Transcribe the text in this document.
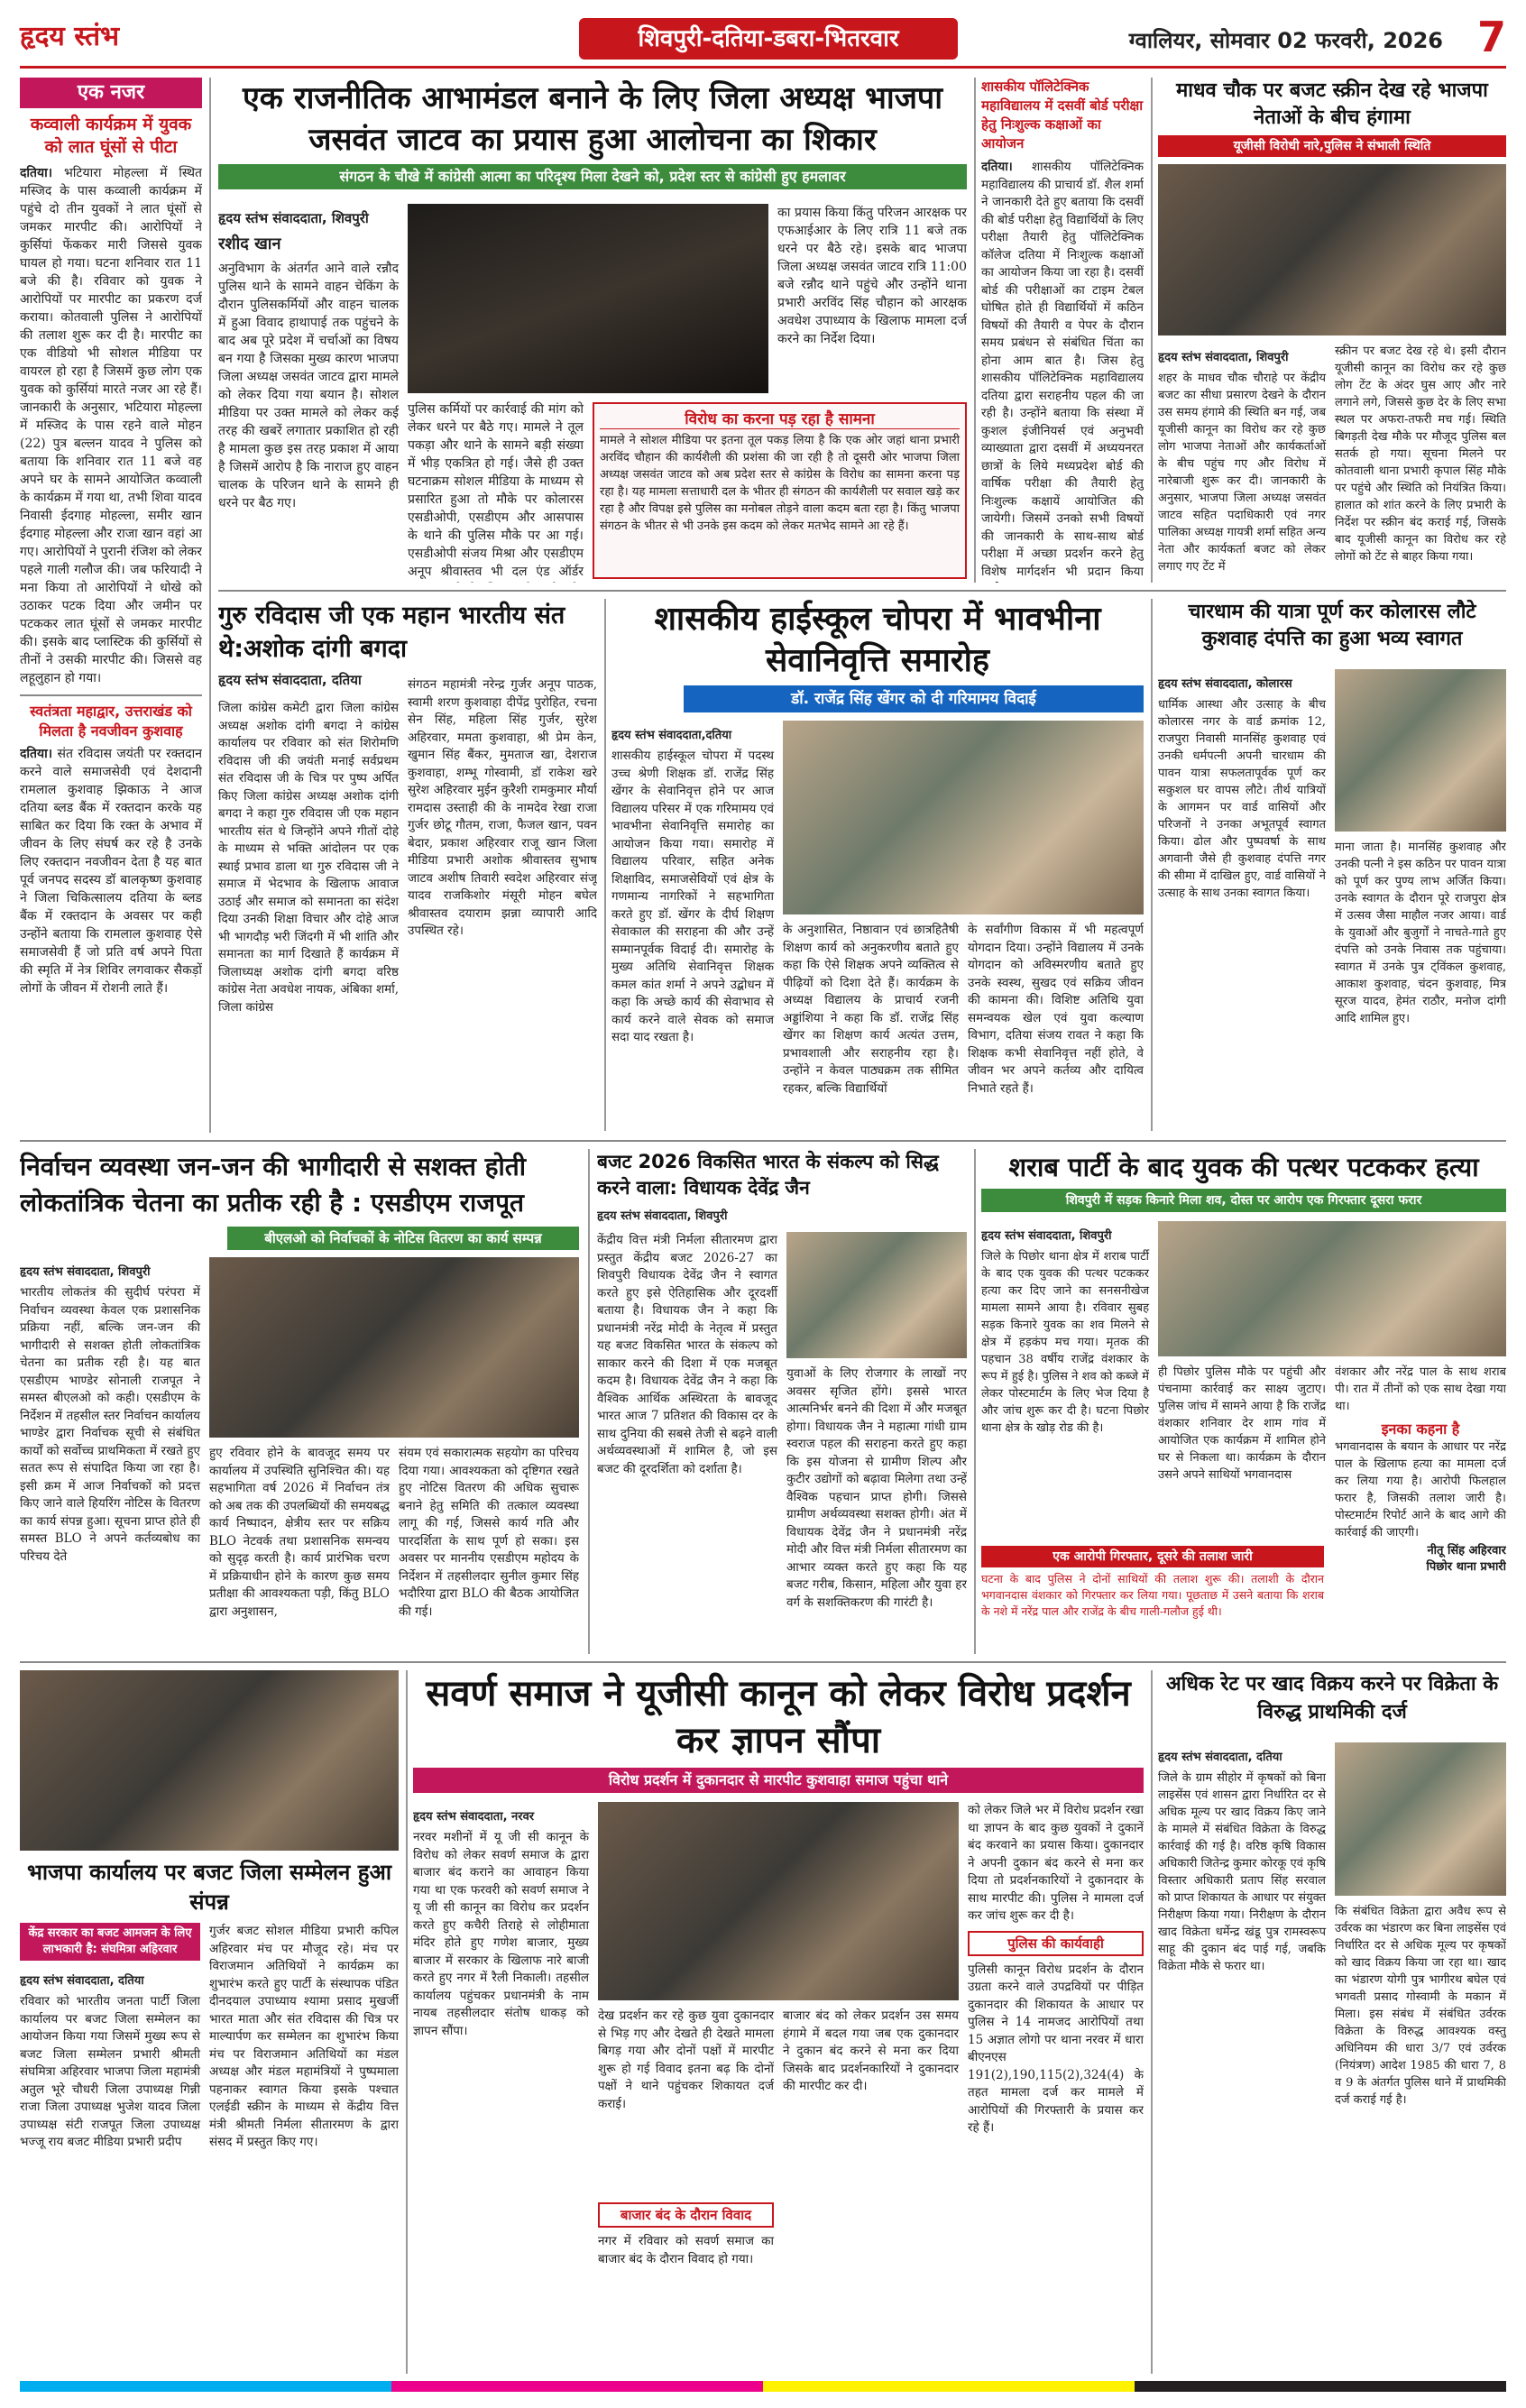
हृदय स्तंभ	शिवपुरी-दतिया-डबरा-भितरवार	ग्वालियर, सोमवार 02 फरवरी, 2026 7
एक नजर
कव्वाली कार्यक्रम में युवक को लात घूंसों से पीटा
दतिया। भटियारा मोहल्ला में स्थित मस्जिद के पास कव्वाली कार्यक्रम में पहुंचे दो तीन युवकों ने लात घूंसों से जमकर मारपीट की। आरोपियों ने कुर्सियां फेंककर मारी जिससे युवक घायल हो गया। घटना शनिवार रात 11 बजे की है। रविवार को युवक ने आरोपियों पर मारपीट का प्रकरण दर्ज कराया। कोतवाली पुलिस ने आरोपियों की तलाश शुरू कर दी है। मारपीट का एक वीडियो भी सोशल मीडिया पर वायरल हो रहा है जिसमें कुछ लोग एक युवक को कुर्सियां मारते नजर आ रहे हैं। जानकारी के अनुसार, भटियारा मोहल्ला में मस्जिद के पास रहने वाले मोहन (22) पुत्र बल्लन यादव ने पुलिस को बताया कि शनिवार रात 11 बजे वह अपने घर के सामने आयोजित कव्वाली के कार्यक्रम में गया था, तभी शिवा यादव निवासी ईदगाह मोहल्ला, समीर खान ईदगाह मोहल्ला और राजा खान वहां आ गए। आरोपियों ने पुरानी रंजिश को लेकर पहले गाली गलौज की। जब फरियादी ने मना किया तो आरोपियों ने धोखे को उठाकर पटक दिया और जमीन पर पटककर लात घूंसों से जमकर मारपीट की। इसके बाद प्लास्टिक की कुर्सियों से तीनों ने उसकी मारपीट की। जिससे वह लहूलुहान हो गया।
स्वतंत्रता महाद्वार, उत्तराखंड को मिलता है नवजीवन कुशवाह
दतिया। संत रविदास जयंती पर रक्तदान करने वाले समाजसेवी एवं देशदानी रामलाल कुशवाह झिकाऊ ने आज दतिया ब्लड बैंक में रक्तदान करके यह साबित कर दिया कि रक्त के अभाव में जीवन के लिए संघर्ष कर रहे है उनके लिए रक्तदान नवजीवन देता है यह बात पूर्व जनपद सदस्य डॉ बालकृष्ण कुशवाह ने जिला चिकित्सालय दतिया के ब्लड बैंक में रक्तदान के अवसर पर कही उन्होंने बताया कि रामलाल कुशवाह ऐसे समाजसेवी हैं जो प्रति वर्ष अपने पिता की स्मृति में नेत्र शिविर लगवाकर सैकड़ों लोगों के जीवन में रोशनी लाते हैं।
एक राजनीतिक आभामंडल बनाने के लिए जिला अध्यक्ष भाजपा जसवंत जाटव का प्रयास हुआ आलोचना का शिकार
संगठन के चौखे में कांग्रेसी आत्मा का परिदृश्य मिला देखने को, प्रदेश स्तर से कांग्रेसी हुए हमलावर
हृदय स्तंभ संवाददाता, शिवपुरी
रशीद खान
अनुविभाग के अंतर्गत आने वाले रन्नौद पुलिस थाने के सामने वाहन चेकिंग के दौरान पुलिसकर्मियों और वाहन चालक में हुआ विवाद हाथापाई तक पहुंचने के बाद अब पूरे प्रदेश में चर्चाओं का विषय बन गया है जिसका मुख्य कारण भाजपा जिला अध्यक्ष जसवंत जाटव द्वारा मामले को लेकर दिया गया बयान है। सोशल मीडिया पर उक्त मामले को लेकर कई तरह की खबरें लगातार प्रकाशित हो रही है मामला कुछ इस तरह प्रकाश में आया है जिसमें आरोप है कि नाराज हुए वाहन चालक के परिजन थाने के सामने ही धरने पर बैठ गए।
पुलिस कर्मियों पर कार्रवाई की मांग को लेकर धरने पर बैठे गए। मामले ने तूल पकड़ा और थाने के सामने बड़ी संख्या में भीड़ एकत्रित हो गई। जैसे ही उक्त घटनाक्रम सोशल मीडिया के माध्यम से प्रसारित हुआ तो मौके पर कोलारस एसडीओपी, एसडीएम और आसपास के थाने की पुलिस मौके पर आ गई। एसडीओपी संजय मिश्रा और एसडीएम अनूप श्रीवास्तव भी दल एंड ऑर्डर
का प्रयास किया किंतु परिजन आरक्षक पर एफआईआर के लिए रात्रि 11 बजे तक धरने पर बैठे रहे। इसके बाद भाजपा जिला अध्यक्ष जसवंत जाटव रात्रि 11:00 बजे रन्नौद थाने पहुंचे और उन्होंने थाना प्रभारी अरविंद सिंह चौहान को आरक्षक अवधेश उपाध्याय के खिलाफ मामला दर्ज करने का निर्देश दिया।
विरोध का करना पड़ रहा है सामना
मामले ने सोशल मीडिया पर इतना तूल पकड़ लिया है कि एक ओर जहां थाना प्रभारी अरविंद चौहान की कार्यशैली की प्रशंसा की जा रही है तो दूसरी ओर भाजपा जिला अध्यक्ष जसवंत जाटव को अब प्रदेश स्तर से कांग्रेस के विरोध का सामना करना पड़ रहा है। यह मामला सत्ताधारी दल के भीतर ही संगठन की कार्यशैली पर सवाल खड़े कर रहा है और विपक्ष इसे पुलिस का मनोबल तोड़ने वाला कदम बता रहा है। किंतु भाजपा संगठन के भीतर से भी उनके इस कदम को लेकर मतभेद सामने आ रहे हैं।
शासकीय पॉलिटेक्निक महाविद्यालय में दसवीं बोर्ड परीक्षा हेतु निःशुल्क कक्षाओं का आयोजन
दतिया। शासकीय पॉलिटेक्निक महाविद्यालय की प्राचार्य डॉ. शैल शर्मा ने जानकारी देते हुए बताया कि दसवीं की बोर्ड परीक्षा हेतु विद्यार्थियों के लिए परीक्षा तैयारी हेतु पॉलिटेक्निक कॉलेज दतिया में निःशुल्क कक्षाओं का आयोजन किया जा रहा है। दसवीं बोर्ड की परीक्षाओं का टाइम टेबल घोषित होते ही विद्यार्थियों में कठिन विषयों की तैयारी व पेपर के दौरान समय प्रबंधन से संबंधित चिंता का होना आम बात है। जिस हेतु शासकीय पॉलिटेक्निक महाविद्यालय दतिया द्वारा सराहनीय पहल की जा रही है। उन्होंने बताया कि संस्था में कुशल इंजीनियर्स एवं अनुभवी व्याख्याता द्वारा दसवीं में अध्ययनरत छात्रों के लिये मध्यप्रदेश बोर्ड की वार्षिक परीक्षा की तैयारी हेतु निःशुल्क कक्षायें आयोजित की जायेगी। जिसमें उनको सभी विषयों की जानकारी के साथ-साथ बोर्ड परीक्षा में अच्छा प्रदर्शन करने हेतु विशेष मार्गदर्शन भी प्रदान किया
माधव चौक पर बजट स्क्रीन देख रहे भाजपा नेताओं के बीच हंगामा
यूजीसी विरोधी नारे,पुलिस ने संभाली स्थिति
हृदय स्तंभ संवाददाता, शिवपुरी
शहर के माधव चौक चौराहे पर केंद्रीय बजट का सीधा प्रसारण देखने के दौरान उस समय हंगामे की स्थिति बन गई, जब यूजीसी कानून का विरोध कर रहे कुछ लोग भाजपा नेताओं और कार्यकर्ताओं के बीच पहुंच गए और विरोध में नारेबाजी शुरू कर दी। जानकारी के अनुसार, भाजपा जिला अध्यक्ष जसवंत जाटव सहित पदाधिकारी एवं नगर पालिका अध्यक्ष गायत्री शर्मा सहित अन्य नेता और कार्यकर्ता बजट को लेकर लगाए गए टेंट में
स्क्रीन पर बजट देख रहे थे। इसी दौरान यूजीसी कानून का विरोध कर रहे कुछ लोग टेंट के अंदर घुस आए और नारे लगाने लगे, जिससे कुछ देर के लिए सभा स्थल पर अफरा-तफरी मच गई। स्थिति बिगड़ती देख मौके पर मौजूद पुलिस बल सतर्क हो गया। सूचना मिलने पर कोतवाली थाना प्रभारी कृपाल सिंह मौके पर पहुंचे और स्थिति को नियंत्रित किया। हालात को शांत करने के लिए प्रभारी के निर्देश पर स्क्रीन बंद कराई गई, जिसके बाद यूजीसी कानून का विरोध कर रहे लोगों को टेंट से बाहर किया गया।
गुरु रविदास जी एक महान भारतीय संत थे:अशोक दांगी बगदा
हृदय स्तंभ संवाददाता, दतिया
जिला कांग्रेस कमेटी द्वारा जिला कांग्रेस अध्यक्ष अशोक दांगी बगदा ने कांग्रेस कार्यालय पर रविवार को संत शिरोमणि रविदास जी की जयंती मनाई सर्वप्रथम संत रविदास जी के चित्र पर पुष्प अर्पित किए जिला कांग्रेस अध्यक्ष अशोक दांगी बगदा ने कहा गुरु रविदास जी एक महान भारतीय संत थे जिन्होंने अपने गीतों दोहे के माध्यम से भक्ति आंदोलन पर एक स्थाई प्रभाव डाला था गुरु रविदास जी ने समाज में भेदभाव के खिलाफ आवाज उठाई और समाज को समानता का संदेश दिया उनकी शिक्षा विचार और दोहे आज भी भागदौड़ भरी जिंदगी में भी शांति और समानता का मार्ग दिखाते हैं कार्यक्रम में जिलाध्यक्ष अशोक दांगी बगदा वरिष्ठ कांग्रेस नेता अवधेश नायक, अंबिका शर्मा, जिला कांग्रेस
संगठन महामंत्री नरेन्द्र गुर्जर अनूप पाठक, स्वामी शरण कुशवाहा दीपेंद्र पुरोहित, रचना सेन सिंह, महिला सिंह गुर्जर, सुरेश अहिरवार, ममता कुशवाहा, श्री प्रेम केन, खुमान सिंह बैंकर, मुमताज खा, देशराज कुशवाहा, शम्भू गोस्वामी, डॉ राकेश खरे सुरेश अहिरवार मुईन कुरैशी रामकुमार मौर्या रामदास उस्ताही की के नामदेव रेखा राजा गुर्जर छोटू गौतम, राजा, फैजल खान, पवन बेदार, प्रकाश अहिरवार राजू खान जिला मीडिया प्रभारी अशोक श्रीवास्तव सुभाष जाटव अशीष तिवारी स्वदेश अहिरवार संजू यादव राजकिशोर मंसूरी मोहन बघेल श्रीवास्तव दयाराम झन्ना व्यापारी आदि उपस्थित रहे।
शासकीय हाईस्कूल चोपरा में भावभीना सेवानिवृत्ति समारोह
डॉ. राजेंद्र सिंह खेंगर को दी गरिमामय विदाई
हृदय स्तंभ संवाददाता,दतिया
शासकीय हाईस्कूल चोपरा में पदस्थ उच्च श्रेणी शिक्षक डॉ. राजेंद्र सिंह खेंगर के सेवानिवृत्त होने पर आज विद्यालय परिसर में एक गरिमामय एवं भावभीना सेवानिवृत्ति समारोह का आयोजन किया गया। समारोह में विद्यालय परिवार, सहित अनेक शिक्षाविद, समाजसेवियों एवं क्षेत्र के गणमान्य नागरिकों ने सहभागिता करते हुए डॉ. खेंगर के दीर्घ शिक्षण सेवाकाल की सराहना की और उन्हें सम्मानपूर्वक विदाई दी। समारोह के मुख्य अतिथि सेवानिवृत्त शिक्षक कमल कांत शर्मा ने अपने उद्बोधन में कहा कि अच्छे कार्य की सेवाभाव से कार्य करने वाले सेवक को समाज सदा याद रखता है।
के अनुशासित, निष्ठावान एवं छात्रहितैषी शिक्षण कार्य को अनुकरणीय बताते हुए कहा कि ऐसे शिक्षक अपने व्यक्तित्व से पीढ़ियों को दिशा देते हैं। कार्यक्रम के अध्यक्ष विद्यालय के प्राचार्य रजनी अड्डांशिया ने कहा कि डॉ. राजेंद्र सिंह खेंगर का शिक्षण कार्य अत्यंत उत्तम, प्रभावशाली और सराहनीय रहा है। उन्होंने न केवल पाठ्यक्रम तक सीमित रहकर, बल्कि विद्यार्थियों
के सर्वांगीण विकास में भी महत्वपूर्ण योगदान दिया। उन्होंने विद्यालय में उनके योगदान को अविस्मरणीय बताते हुए उनके स्वस्थ, सुखद एवं सक्रिय जीवन की कामना की। विशिष्ट अतिथि युवा समन्वयक खेल एवं युवा कल्याण विभाग, दतिया संजय रावत ने कहा कि शिक्षक कभी सेवानिवृत्त नहीं होते, वे जीवन भर अपने कर्तव्य और दायित्व निभाते रहते हैं।
चारधाम की यात्रा पूर्ण कर कोलारस लौटे कुशवाह दंपत्ति का हुआ भव्य स्वागत
हृदय स्तंभ संवाददाता, कोलारस
धार्मिक आस्था और उत्साह के बीच कोलारस नगर के वार्ड क्रमांक 12, राजपुरा निवासी मानसिंह कुशवाह एवं उनकी धर्मपत्नी अपनी चारधाम की पावन यात्रा सफलतापूर्वक पूर्ण कर सकुशल घर वापस लौटे। तीर्थ यात्रियों के आगमन पर वार्ड वासियों और परिजनों ने उनका अभूतपूर्व स्वागत किया। ढोल और पुष्पवर्षा के साथ अगवानी जैसे ही कुशवाह दंपत्ति नगर की सीमा में दाखिल हुए, वार्ड वासियों ने उत्साह के साथ उनका स्वागत किया।
माना जाता है। मानसिंह कुशवाह और उनकी पत्नी ने इस कठिन पर पावन यात्रा को पूर्ण कर पुण्य लाभ अर्जित किया। उनके स्वागत के दौरान पूरे राजपुरा क्षेत्र में उत्सव जैसा माहौल नजर आया। वार्ड के युवाओं और बुजुर्गों ने नाचते-गाते हुए दंपत्ति को उनके निवास तक पहुंचाया। स्वागत में उनके पुत्र ट्विंकल कुशवाह, आकाश कुशवाह, चंदन कुशवाह, मित्र सूरज यादव, हेमंत राठौर, मनोज दांगी आदि शामिल हुए।
निर्वाचन व्यवस्था जन-जन की भागीदारी से सशक्त होती लोकतांत्रिक चेतना का प्रतीक रही है : एसडीएम राजपूत
बीएलओ को निर्वाचकों के नोटिस वितरण का कार्य सम्पन्न
हृदय स्तंभ संवाददाता, शिवपुरी
भारतीय लोकतंत्र की सुदीर्घ परंपरा में निर्वाचन व्यवस्था केवल एक प्रशासनिक प्रक्रिया नहीं, बल्कि जन-जन की भागीदारी से सशक्त होती लोकतांत्रिक चेतना का प्रतीक रही है। यह बात एसडीएम भाण्डेर सोनाली राजपूत ने समस्त बीएलओ को कही। एसडीएम के निर्देशन में तहसील स्तर निर्वाचन कार्यालय भाण्डेर द्वारा निर्वाचक सूची से संबंधित कार्यों को सर्वोच्च प्राथमिकता में रखते हुए सतत रूप से संपादित किया जा रहा है। इसी क्रम में आज निर्वाचकों को प्रदत्त किए जाने वाले हियरिंग नोटिस के वितरण का कार्य संपन्न हुआ। सूचना प्राप्त होते ही समस्त BLO ने अपने कर्तव्यबोध का परिचय देते
हुए रविवार होने के बावजूद समय पर कार्यालय में उपस्थिति सुनिश्चित की। यह सहभागिता वर्ष 2026 में निर्वाचन तंत्र को अब तक की उपलब्धियों की समयबद्ध कार्य निष्पादन, क्षेत्रीय स्तर पर सक्रिय BLO नेटवर्क तथा प्रशासनिक समन्वय को सुदृढ़ करती है। कार्य प्रारंभिक चरण में प्रक्रियाधीन होने के कारण कुछ समय प्रतीक्षा की आवश्यकता पड़ी, किंतु BLO द्वारा अनुशासन,
संयम एवं सकारात्मक सहयोग का परिचय दिया गया। आवश्यकता को दृष्टिगत रखते हुए नोटिस वितरण की अधिक सुचारू बनाने हेतु समिति की तत्काल व्यवस्था लागू की गई, जिससे कार्य गति और पारदर्शिता के साथ पूर्ण हो सका। इस अवसर पर माननीय एसडीएम महोदय के निर्देशन में तहसीलदार सुनील कुमार सिंह भदौरिया द्वारा BLO की बैठक आयोजित की गई।
बजट 2026 विकसित भारत के संकल्प को सिद्ध करने वाला: विधायक देवेंद्र जैन
हृदय स्तंभ संवाददाता, शिवपुरी
केंद्रीय वित्त मंत्री निर्मला सीतारमण द्वारा प्रस्तुत केंद्रीय बजट 2026-27 का शिवपुरी विधायक देवेंद्र जैन ने स्वागत करते हुए इसे ऐतिहासिक और दूरदर्शी बताया है। विधायक जैन ने कहा कि प्रधानमंत्री नरेंद्र मोदी के नेतृत्व में प्रस्तुत यह बजट विकसित भारत के संकल्प को साकार करने की दिशा में एक मजबूत कदम है। विधायक देवेंद्र जैन ने कहा कि वैश्विक आर्थिक अस्थिरता के बावजूद भारत आज 7 प्रतिशत की विकास दर के साथ दुनिया की सबसे तेजी से बढ़ने वाली अर्थव्यवस्थाओं में शामिल है, जो इस बजट की दूरदर्शिता को दर्शाता है।
युवाओं के लिए रोजगार के लाखों नए अवसर सृजित होंगे। इससे भारत आत्मनिर्भर बनने की दिशा में और मजबूत होगा। विधायक जैन ने महात्मा गांधी ग्राम स्वराज पहल की सराहना करते हुए कहा कि इस योजना से ग्रामीण शिल्प और कुटीर उद्योगों को बढ़ावा मिलेगा तथा उन्हें वैश्विक पहचान प्राप्त होगी। जिससे ग्रामीण अर्थव्यवस्था सशक्त होगी। अंत में विधायक देवेंद्र जैन ने प्रधानमंत्री नरेंद्र मोदी और वित्त मंत्री निर्मला सीतारमण का आभार व्यक्त करते हुए कहा कि यह बजट गरीब, किसान, महिला और युवा हर वर्ग के सशक्तिकरण की गारंटी है।
शराब पार्टी के बाद युवक की पत्थर पटककर हत्या
शिवपुरी में सड़क किनारे मिला शव, दोस्त पर आरोप एक गिरफ्तार दूसरा फरार
हृदय स्तंभ संवाददाता, शिवपुरी
जिले के पिछोर थाना क्षेत्र में शराब पार्टी के बाद एक युवक की पत्थर पटककर हत्या कर दिए जाने का सनसनीखेज मामला सामने आया है। रविवार सुबह सड़क किनारे युवक का शव मिलने से क्षेत्र में हड़कंप मच गया। मृतक की पहचान 38 वर्षीय राजेंद्र वंशकार के रूप में हुई है। पुलिस ने शव को कब्जे में लेकर पोस्टमार्टम के लिए भेज दिया है और जांच शुरू कर दी है। घटना पिछोर थाना क्षेत्र के खोड़ रोड की है।
ही पिछोर पुलिस मौके पर पहुंची और पंचनामा कार्रवाई कर साक्ष्य जुटाए। पुलिस जांच में सामने आया है कि राजेंद्र वंशकार शनिवार देर शाम गांव में आयोजित एक कार्यक्रम में शामिल होने घर से निकला था। कार्यक्रम के दौरान उसने अपने साथियों भगवानदास
वंशकार और नरेंद्र पाल के साथ शराब पी। रात में तीनों को एक साथ देखा गया था।
इनका कहना है
भगवानदास के बयान के आधार पर नरेंद्र पाल के खिलाफ हत्या का मामला दर्ज कर लिया गया है। आरोपी फिलहाल फरार है, जिसकी तलाश जारी है। पोस्टमार्टम रिपोर्ट आने के बाद आगे की कार्रवाई की जाएगी।
नीतू सिंह अहिरवार
पिछोर थाना प्रभारी
एक आरोपी गिरफ्तार, दूसरे की तलाश जारी
घटना के बाद पुलिस ने दोनों साथियों की तलाश शुरू की। तलाशी के दौरान भगवानदास वंशकार को गिरफ्तार कर लिया गया। पूछताछ में उसने बताया कि शराब के नशे में नरेंद्र पाल और राजेंद्र के बीच गाली-गलौज हुई थी।
भाजपा कार्यालय पर बजट जिला सम्मेलन हुआ संपन्न
केंद्र सरकार का बजट आमजन के लिए लाभकारी है: संघमित्रा अहिरवार
हृदय स्तंभ संवाददाता, दतिया
रविवार को भारतीय जनता पार्टी जिला कार्यालय पर बजट जिला सम्मेलन का आयोजन किया गया जिसमें मुख्य रूप से बजट जिला सम्मेलन प्रभारी श्रीमती संघमित्रा अहिरवार भाजपा जिला महामंत्री अतुल भूरे चौधरी जिला उपाध्यक्ष गिन्नी राजा जिला उपाध्यक्ष भुजेश यादव जिला उपाध्यक्ष संटी राजपूत जिला उपाध्यक्ष भज्जू राय बजट मीडिया प्रभारी प्रदीप
गुर्जर बजट सोशल मीडिया प्रभारी कपिल अहिरवार मंच पर मौजूद रहे। मंच पर विराजमान अतिथियों ने कार्यक्रम का शुभारंभ करते हुए पार्टी के संस्थापक पंडित दीनदयाल उपाध्याय श्यामा प्रसाद मुखर्जी भारत माता और संत रविदास की चित्र पर माल्यार्पण कर सम्मेलन का शुभारंभ किया मंच पर विराजमान अतिथियों का मंडल अध्यक्ष और मंडल महामंत्रियों ने पुष्पमाला पहनाकर स्वागत किया इसके पश्चात एलईडी स्क्रीन के माध्यम से केंद्रीय वित्त मंत्री श्रीमती निर्मला सीतारमण के द्वारा संसद में प्रस्तुत किए गए।
सवर्ण समाज ने यूजीसी कानून को लेकर विरोध प्रदर्शन कर ज्ञापन सौंपा
विरोध प्रदर्शन में दुकानदार से मारपीट कुशवाहा समाज पहुंचा थाने
हृदय स्तंभ संवाददाता, नरवर
नरवर मशीनों में यू जी सी कानून के विरोध को लेकर सवर्ण समाज के द्वारा बाजार बंद कराने का आवाहन किया गया था एक फरवरी को सवर्ण समाज ने यू जी सी कानून का विरोध कर प्रदर्शन करते हुए कचैरी तिराहे से लोहीमाता मंदिर होते हुए गणेश बाजार, मुख्य बाजार में सरकार के खिलाफ नारे बाजी करते हुए नगर में रैली निकाली। तहसील कार्यालय पहुंचकर प्रधानमंत्री के नाम नायब तहसीलदार संतोष धाकड़ को ज्ञापन सौंपा।
देख प्रदर्शन कर रहे कुछ युवा दुकानदार से भिड़ गए और देखते ही देखते मामला बिगड़ गया और दोनों पक्षों में मारपीट शुरू हो गई विवाद इतना बढ़ कि दोनों पक्षों ने थाने पहुंचकर शिकायत दर्ज कराई।
बाजार बंद को लेकर प्रदर्शन उस समय हंगामे में बदल गया जब एक दुकानदार ने दुकान बंद करने से मना कर दिया जिसके बाद प्रदर्शनकारियों ने दुकानदार की मारपीट कर दी।
बाजार बंद के दौरान विवाद
नगर में रविवार को सवर्ण समाज का बाजार बंद के दौरान विवाद हो गया।
को लेकर जिले भर में विरोध प्रदर्शन रखा था ज्ञापन के बाद कुछ युवकों ने दुकानें बंद करवाने का प्रयास किया। दुकानदार ने अपनी दुकान बंद करने से मना कर दिया तो प्रदर्शनकारियों ने दुकानदार के साथ मारपीट की। पुलिस ने मामला दर्ज कर जांच शुरू कर दी है।
पुलिस की कार्यवाही
पुलिसी कानून विरोध प्रदर्शन के दौरान उग्रता करने वाले उपद्रवियों पर पीड़ित दुकानदार की शिकायत के आधार पर पुलिस ने 14 नामजद आरोपियों तथा 15 अज्ञात लोगो पर थाना नरवर में धारा बीएनएस 191(2),190,115(2),324(4) के तहत मामला दर्ज कर मामले में आरोपियों की गिरफ्तारी के प्रयास कर रहे हैं।
अधिक रेट पर खाद विक्रय करने पर विक्रेता के विरुद्ध प्राथमिकी दर्ज
हृदय स्तंभ संवाददाता, दतिया
जिले के ग्राम सीहोर में कृषकों को बिना लाइसेंस एवं शासन द्वारा निर्धारित दर से अधिक मूल्य पर खाद विक्रय किए जाने के मामले में संबंधित विक्रेता के विरुद्ध कार्रवाई की गई है। वरिष्ठ कृषि विकास अधिकारी जितेन्द्र कुमार कोरकू एवं कृषि विस्तार अधिकारी प्रताप सिंह सरवाल को प्राप्त शिकायत के आधार पर संयुक्त निरीक्षण किया गया। निरीक्षण के दौरान खाद विक्रेता धर्मेन्द्र खंडू पुत्र रामस्वरूप साहू की दुकान बंद पाई गई, जबकि विक्रेता मौके से फरार था।
कि संबंधित विक्रेता द्वारा अवैध रूप से उर्वरक का भंडारण कर बिना लाइसेंस एवं निर्धारित दर से अधिक मूल्य पर कृषकों को खाद विक्रय किया जा रहा था। खाद का भंडारण योगी पुत्र भागीरथ बघेल एवं भगवती प्रसाद गोस्वामी के मकान में मिला। इस संबंध में संबंधित उर्वरक विक्रेता के विरुद्ध आवश्यक वस्तु अधिनियम की धारा 3/7 एवं उर्वरक (नियंत्रण) आदेश 1985 की धारा 7, 8 व 9 के अंतर्गत पुलिस थाने में प्राथमिकी दर्ज कराई गई है।
